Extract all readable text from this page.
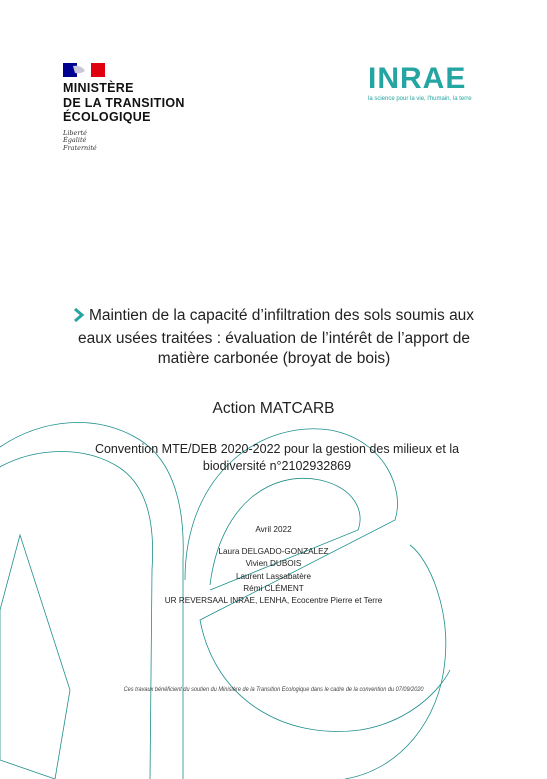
MINISTÈRE
DE LA TRANSITION
ÉCOLOGIQUE
Liberté
Égalité
Fraternité
INRAE
la science pour la vie, l'humain, la terre
Maintien de la capacité d’infiltration des sols soumis aux
eaux usées traitées : évaluation de l’intérêt de l’apport de
matière carbonée (broyat de bois)
Action MATCARB
Convention MTE/DEB 2020-2022 pour la gestion des milieux et la
biodiversité n°2102932869
Avril 2022
Laura DELGADO-GONZALEZ
Vivien DUBOIS
Laurent Lassabatère
Rémi CLÉMENT
UR REVERSAAL INRAE, LENHA, Ecocentre Pierre et Terre
Ces travaux bénéficient du soutien du Ministère de la Transition Écologique dans le cadre de la convention du 07/09/2020
